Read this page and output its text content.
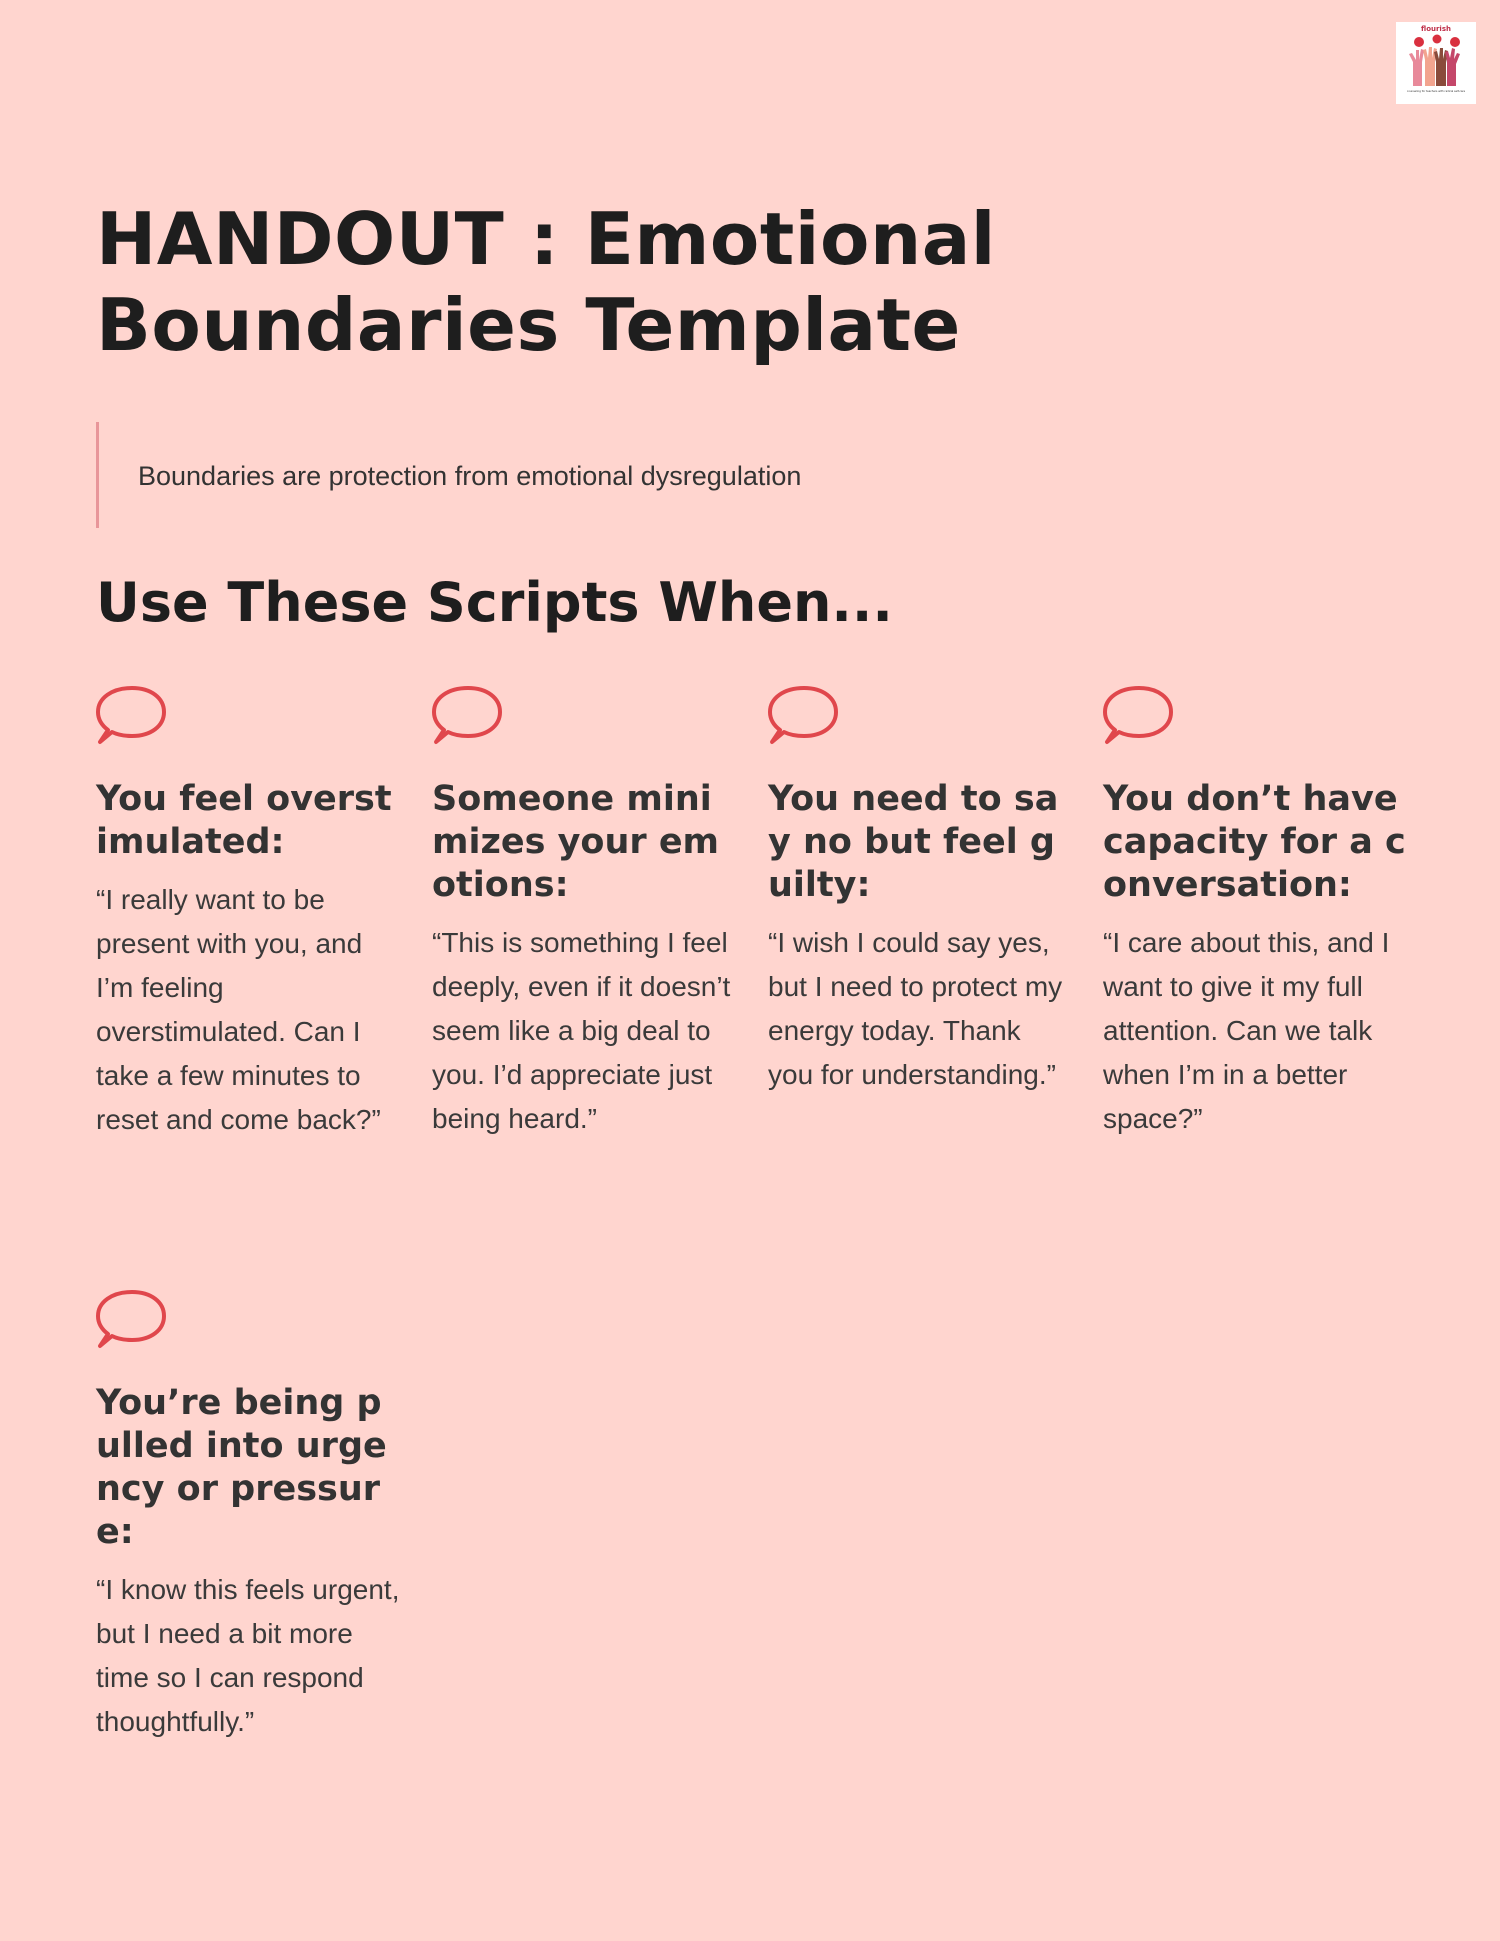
flourish
counseling for teachers with radical self-care
HANDOUT : Emotional Boundaries Template
Boundaries are protection from emotional dysregulation
Use These Scripts When...
You feel overstimulated:

“I really want to be present with you, and I’m feeling overstimulated. Can I take a few minutes to reset and come back?”

Someone minimizes your emotions:

“This is something I feel deeply, even if it doesn’t seem like a big deal to you. I’d appreciate just being heard.”

You need to say no but feel guilty:

“I wish I could say yes, but I need to protect my energy today. Thank you for understanding.”

You don’t have capacity for a conversation:

“I care about this, and I want to give it my full attention. Can we talk when I’m in a better space?”

You’re being pulled into urgency or pressure:

“I know this feels urgent, but I need a bit more time so I can respond thoughtfully.”
